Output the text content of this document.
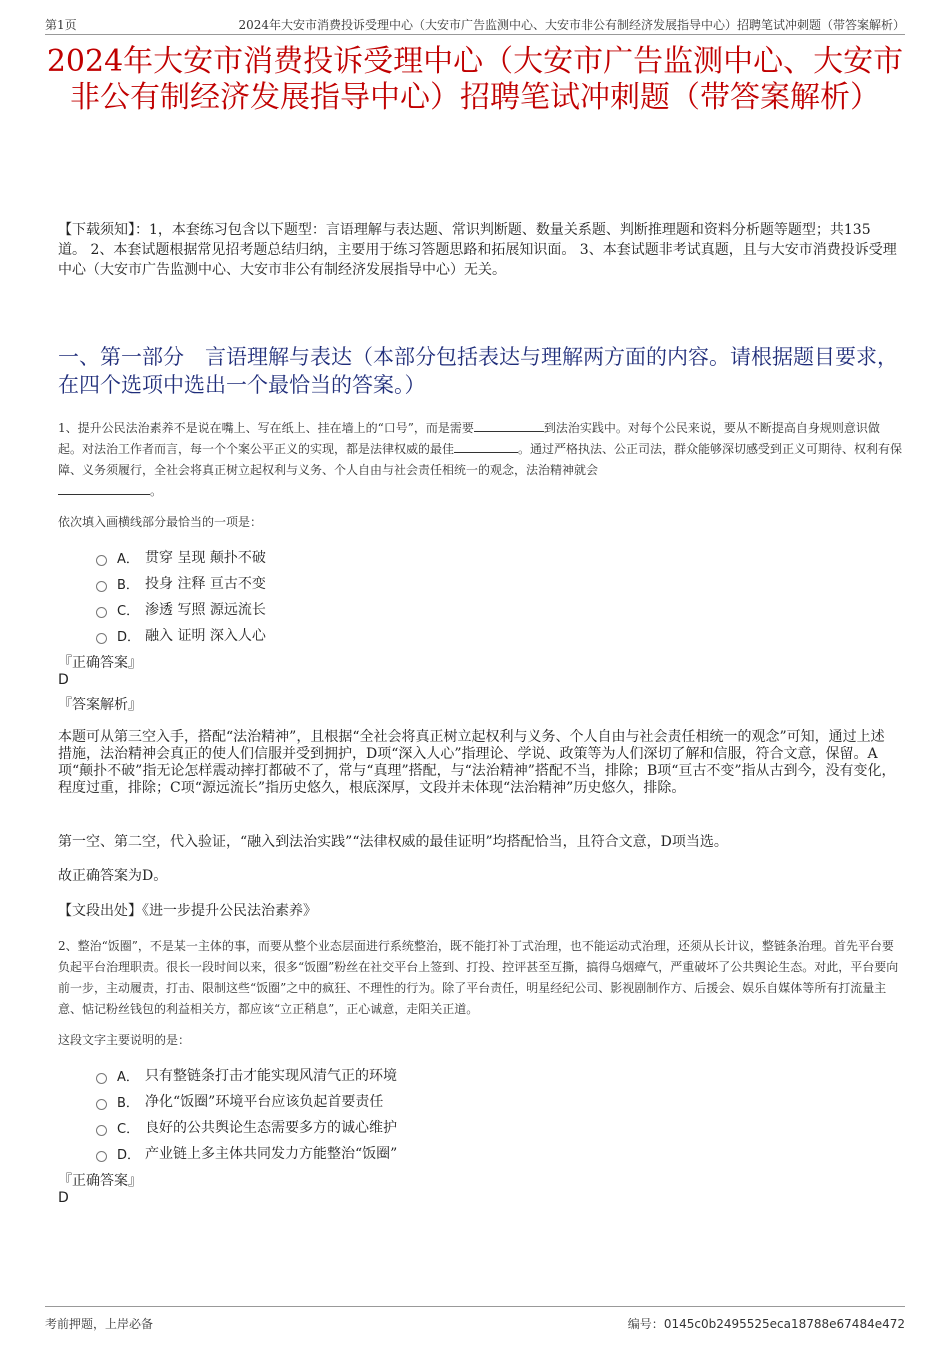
第1页	2024年大安市消费投诉受理中心（大安市广告监测中心、大安市非公有制经济发展指导中心）招聘笔试冲刺题（带答案解析）
2024年大安市消费投诉受理中心（大安市广告监测中心、大安市非公有制经济发展指导中心）招聘笔试冲刺题（带答案解析）
【下载须知】：1，本套练习包含以下题型：言语理解与表达题、常识判断题、数量关系题、判断推理题和资料分析题等题型；共135道。 2、本套试题根据常见招考题总结归纳，主要用于练习答题思路和拓展知识面。 3、本套试题非考试真题，且与大安市消费投诉受理中心（大安市广告监测中心、大安市非公有制经济发展指导中心）无关。
一、第一部分　言语理解与表达（本部分包括表达与理解两方面的内容。请根据题目要求，在四个选项中选出一个最恰当的答案。）
1、提升公民法治素养不是说在嘴上、写在纸上、挂在墙上的“口号”，而是需要	到法治实践中。对每个公民来说，要从不断提高自身规则意识做起。对法治工作者而言，每一个个案公平正义的实现，都是法律权威的最佳	。通过严格执法、公正司法，群众能够深切感受到正义可期待、权利有保障、义务须履行，全社会将真正树立起权利与义务、个人自由与社会责任相统一的观念，法治精神就会
。
依次填入画横线部分最恰当的一项是：
A． 贯穿 呈现 颠扑不破
B． 投身 注释 亘古不变
C． 渗透 写照 源远流长
D． 融入 证明 深入人心
『正确答案』
D
『答案解析』

本题可从第三空入手，搭配“法治精神”，且根据“全社会将真正树立起权利与义务、个人自由与社会责任相统一的观念”可知，通过上述措施，法治精神会真正的使人们信服并受到拥护，D项“深入人心”指理论、学说、政策等为人们深切了解和信服，符合文意，保留。A项“颠扑不破”指无论怎样震动摔打都破不了，常与“真理”搭配，与“法治精神”搭配不当，排除；B项“亘古不变”指从古到今，没有变化，程度过重，排除；C项“源远流长”指历史悠久，根底深厚，文段并未体现“法治精神”历史悠久，排除。

第一空、第二空，代入验证，“融入到法治实践”“法律权威的最佳证明”均搭配恰当，且符合文意，D项当选。

故正确答案为D。

【文段出处】《进一步提升公民法治素养》

2、整治“饭圈”，不是某一主体的事，而要从整个业态层面进行系统整治，既不能打补丁式治理，也不能运动式治理，还须从长计议，整链条治理。首先平台要负起平台治理职责。很长一段时间以来，很多“饭圈”粉丝在社交平台上签到、打投、控评甚至互撕，搞得乌烟瘴气，严重破坏了公共舆论生态。对此，平台要向前一步，主动履责，打击、限制这些“饭圈”之中的疯狂、不理性的行为。除了平台责任，明星经纪公司、影视剧制作方、后援会、娱乐自媒体等所有打流量主意、惦记粉丝钱包的利益相关方，都应该“立正稍息”，正心诚意，走阳关正道。
这段文字主要说明的是：
A． 只有整链条打击才能实现风清气正的环境
B． 净化“饭圈”环境平台应该负起首要责任
C． 良好的公共舆论生态需要多方的诚心维护
D． 产业链上多主体共同发力方能整治“饭圈”
『正确答案』
D
考前押题，上岸必备	编号：0145c0b2495525eca18788e67484e472
